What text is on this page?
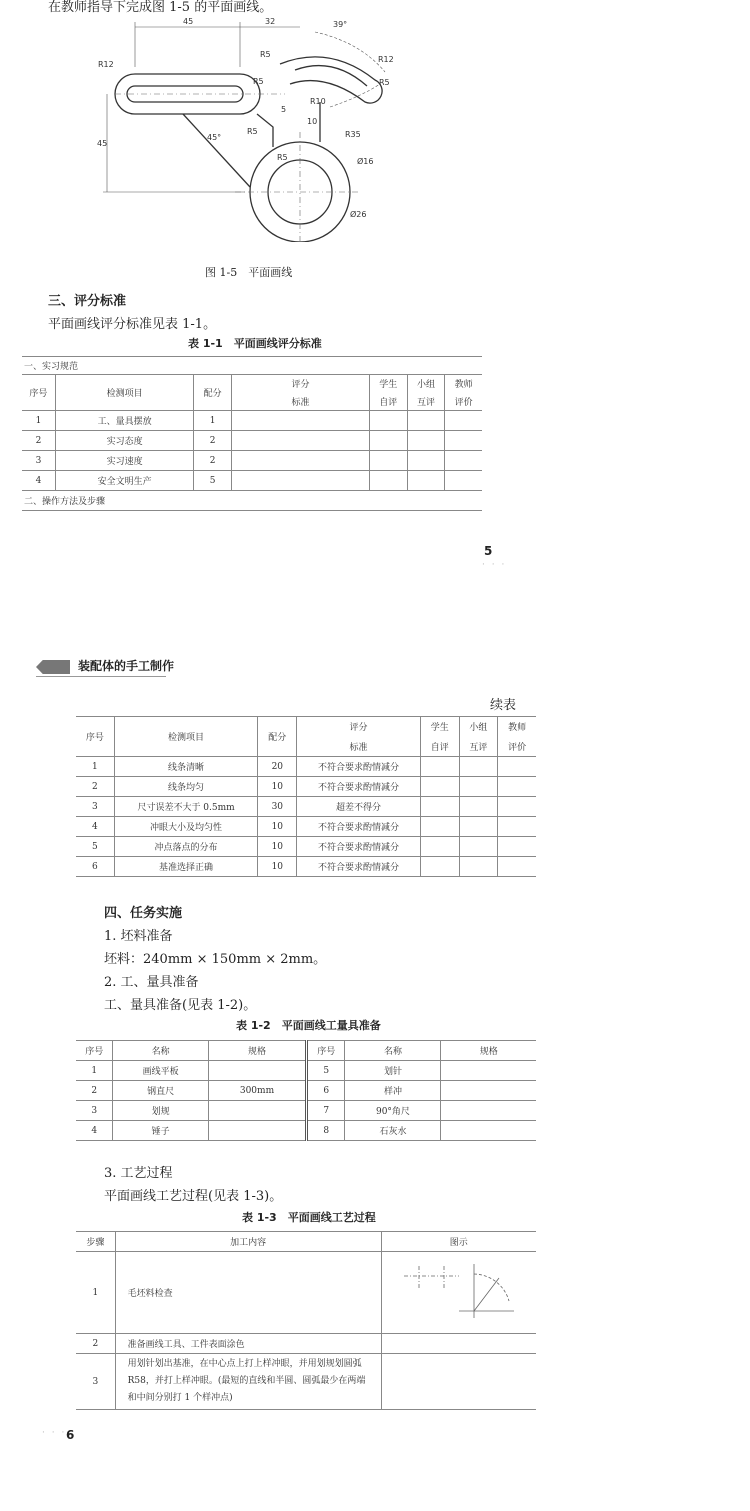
在教师指导下完成图 1-5 的平面画线。
45	32	39°
R12
R5
R12
R5
R5
R5
R10
5
10
R35
R5
45
45°
Ø16
Ø26
图 1-5　平面画线
三、评分标准
平面画线评分标准见表 1-1。
表 1-1　平面画线评分标准
一、实习规范						
序号	检测项目	配分	评分	学生	小组	教师
			标准	自评	互评	评价
1	工、量具摆放	1				
2	实习态度	2				
3	实习速度	2				
4	安全文明生产	5				
二、操作方法及步骤						
5
· · ·
装配体的手工制作
续表
序号	检测项目	配分	评分	学生	小组	教师
			标准	自评	互评	评价
1	线条清晰	20	不符合要求酌情减分			
2	线条均匀	10	不符合要求酌情减分			
3	尺寸误差不大于 0.5mm	30	超差不得分			
4	冲眼大小及均匀性	10	不符合要求酌情减分			
5	冲点落点的分布	10	不符合要求酌情减分			
6	基准选择正确	10	不符合要求酌情减分			
四、任务实施
1. 坯料准备
坯料：240mm × 150mm × 2mm。
2. 工、量具准备
工、量具准备(见表 1-2)。
表 1-2　平面画线工量具准备
序号	名称	规格	序号	名称	规格
1	画线平板		5	划针	
2	钢直尺	300mm	6	样冲	
3	划规		7	90°角尺	
4	锤子		8	石灰水	
3. 工艺过程
平面画线工艺过程(见表 1-3)。
表 1-3　平面画线工艺过程
步骤	加工内容	图示
1	毛坯料检查	
2	准备画线工具、工件表面涂色	
3	用划针划出基准，在中心点上打上样冲眼，并用划规划圆弧 R58，并打上样冲眼。(最短的直线和半圆、圆弧最少在两端和中间分别打 1 个样冲点)	
· · · 6
